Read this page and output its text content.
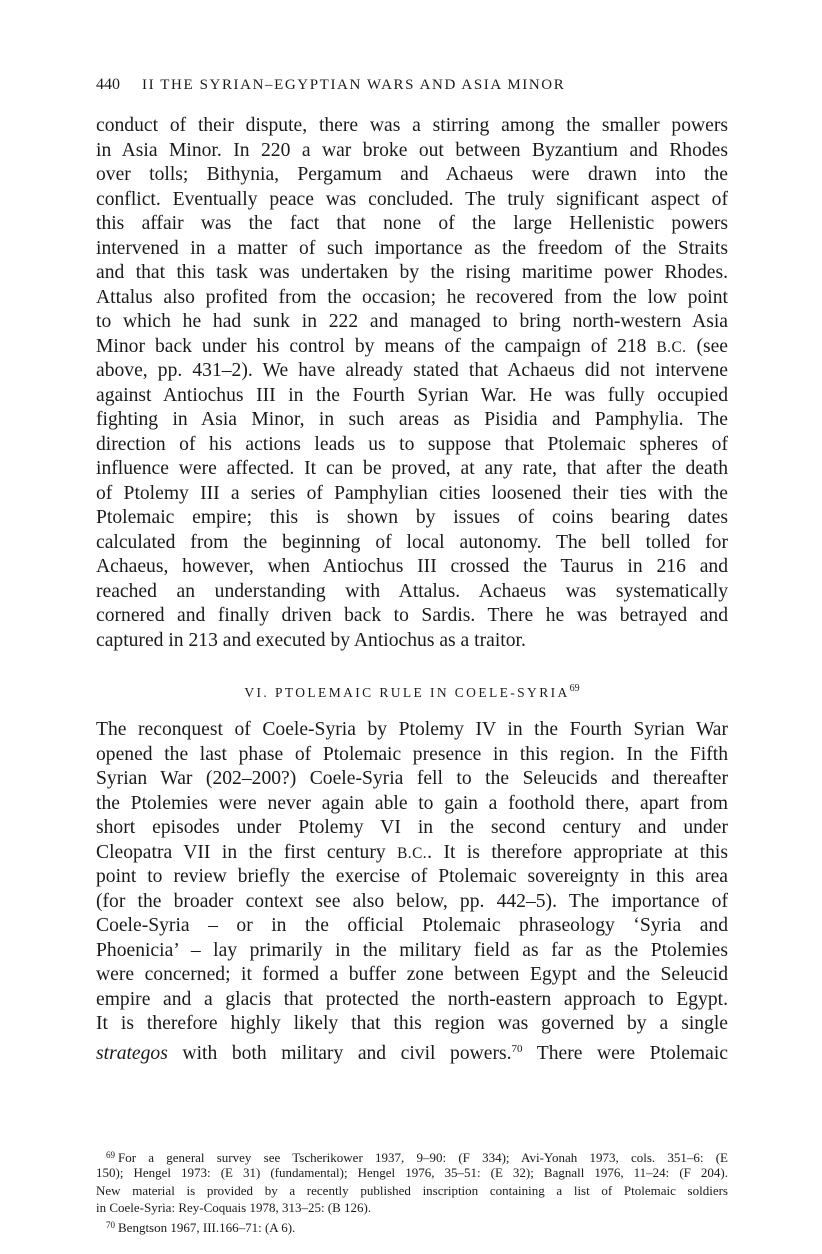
440 II THE SYRIAN–EGYPTIAN WARS AND ASIA MINOR
conduct of their dispute, there was a stirring among the smaller powers
in Asia Minor. In 220 a war broke out between Byzantium and Rhodes
over tolls; Bithynia, Pergamum and Achaeus were drawn into the
conflict. Eventually peace was concluded. The truly significant aspect of
this affair was the fact that none of the large Hellenistic powers
intervened in a matter of such importance as the freedom of the Straits
and that this task was undertaken by the rising maritime power Rhodes.
Attalus also profited from the occasion; he recovered from the low point
to which he had sunk in 222 and managed to bring north-western Asia
Minor back under his control by means of the campaign of 218 B.C. (see
above, pp. 431–2). We have already stated that Achaeus did not intervene
against Antiochus III in the Fourth Syrian War. He was fully occupied
fighting in Asia Minor, in such areas as Pisidia and Pamphylia. The
direction of his actions leads us to suppose that Ptolemaic spheres of
influence were affected. It can be proved, at any rate, that after the death
of Ptolemy III a series of Pamphylian cities loosened their ties with the
Ptolemaic empire; this is shown by issues of coins bearing dates
calculated from the beginning of local autonomy. The bell tolled for
Achaeus, however, when Antiochus III crossed the Taurus in 216 and
reached an understanding with Attalus. Achaeus was systematically
cornered and finally driven back to Sardis. There he was betrayed and
captured in 213 and executed by Antiochus as a traitor.
VI. PTOLEMAIC RULE IN COELE-SYRIA$^{69}$
The reconquest of Coele-Syria by Ptolemy IV in the Fourth Syrian War
opened the last phase of Ptolemaic presence in this region. In the Fifth
Syrian War (202–200?) Coele-Syria fell to the Seleucids and thereafter
the Ptolemies were never again able to gain a foothold there, apart from
short episodes under Ptolemy VI in the second century and under
Cleopatra VII in the first century B.C.. It is therefore appropriate at this
point to review briefly the exercise of Ptolemaic sovereignty in this area
(for the broader context see also below, pp. 442–5). The importance of
Coele-Syria – or in the official Ptolemaic phraseology ‘Syria and
Phoenicia’ – lay primarily in the military field as far as the Ptolemies
were concerned; it formed a buffer zone between Egypt and the Seleucid
empire and a glacis that protected the north-eastern approach to Egypt.
It is therefore highly likely that this region was governed by a single
strategos with both military and civil powers.$^{70}$ There were Ptolemaic
$^{69}$ For a general survey see Tscherikower 1937, 9–90: (F 334); Avi-Yonah 1973, cols. 351–6: (E
150); Hengel 1973: (E 31) (fundamental); Hengel 1976, 35–51: (E 32); Bagnall 1976, 11–24: (F 204).
New material is provided by a recently published inscription containing a list of Ptolemaic soldiers
in Coele-Syria: Rey-Coquais 1978, 313–25: (B 126).
$^{70}$ Bengtson 1967, III.166–71: (A 6).
